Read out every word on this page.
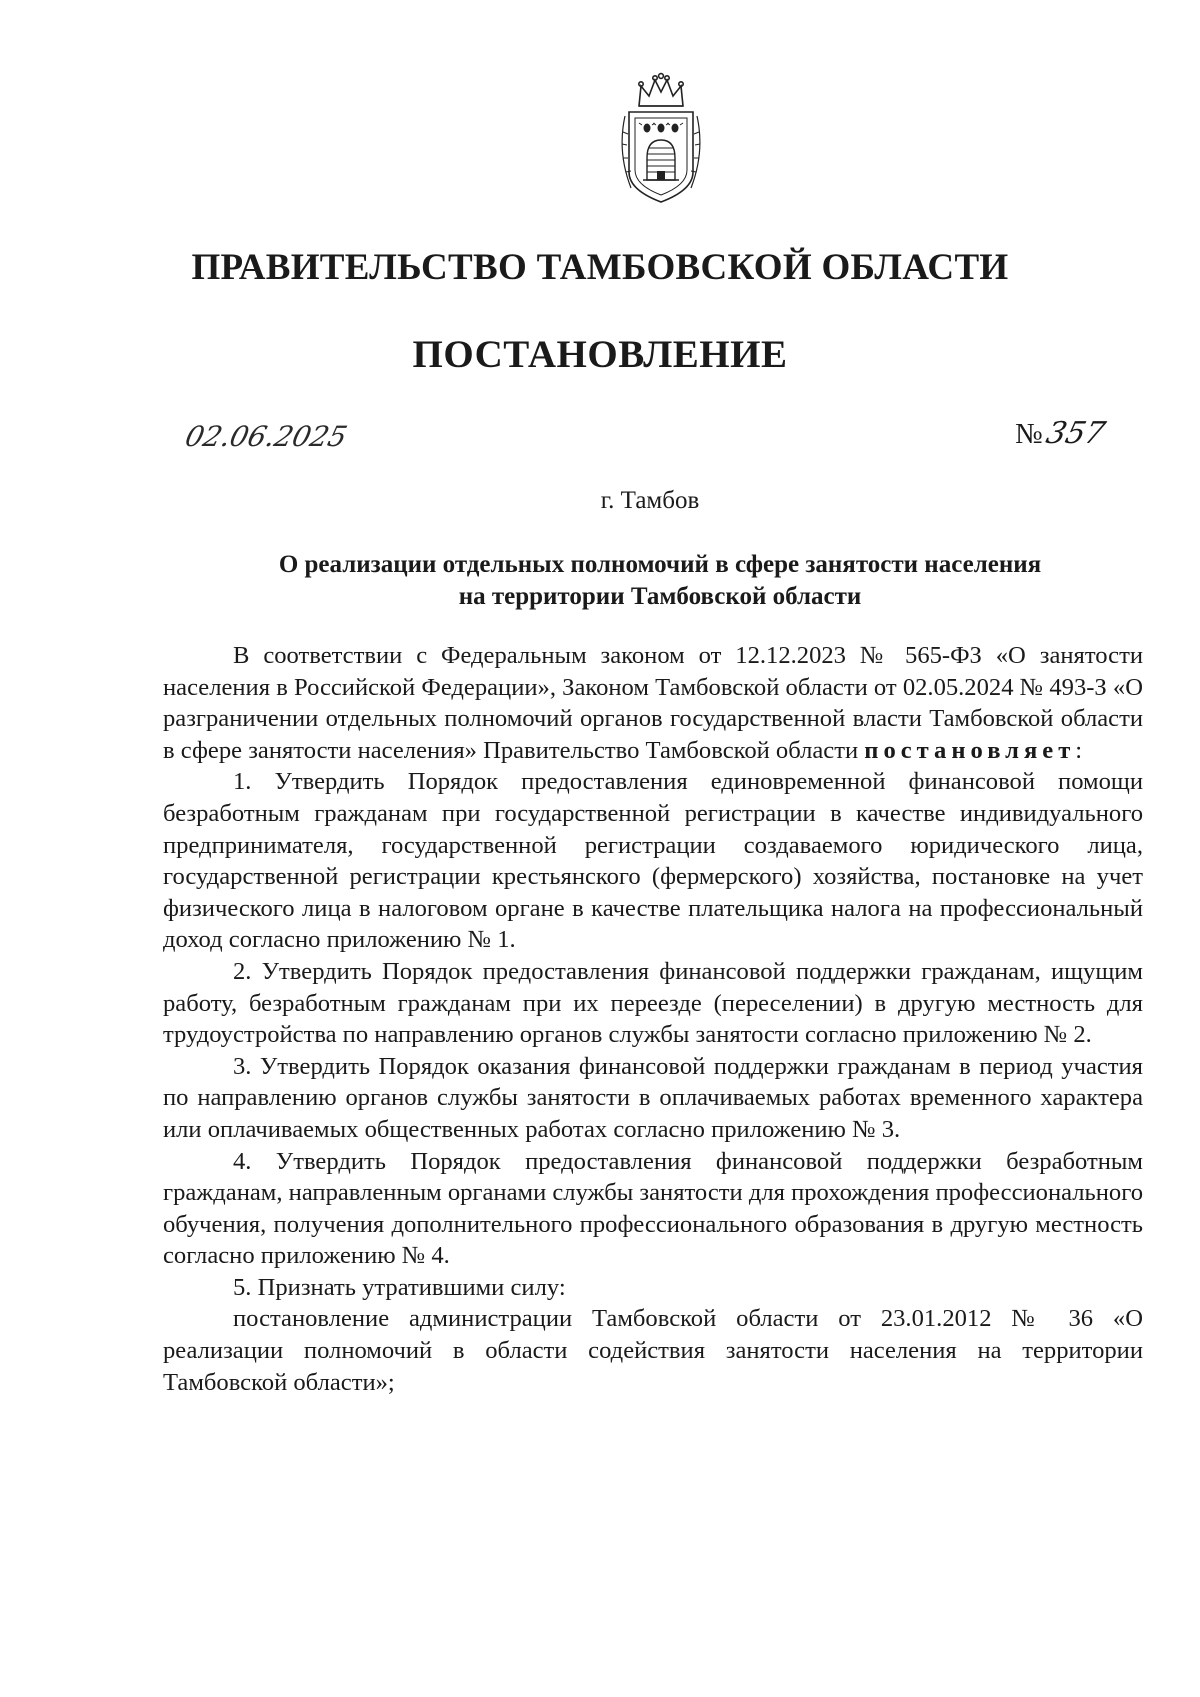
ПРАВИТЕЛЬСТВО ТАМБОВСКОЙ ОБЛАСТИ
ПОСТАНОВЛЕНИЕ
02.06.2025	№357
г. Тамбов
О реализации отдельных полномочий в сфере занятости населения
на территории Тамбовской области

В соответствии с Федеральным законом от 12.12.2023 № 565-ФЗ «О занятости населения в Российской Федерации», Законом Тамбовской области от 02.05.2024 № 493-З «О разграничении отдельных полномочий органов государственной власти Тамбовской области в сфере занятости населения» Правительство Тамбовской области постановляет:

1. Утвердить Порядок предоставления единовременной финансовой помощи безработным гражданам при государственной регистрации в качестве индивидуального предпринимателя, государственной регистрации создаваемого юридического лица, государственной регистрации крестьянского (фермерского) хозяйства, постановке на учет физического лица в налоговом органе в качестве плательщика налога на профессиональный доход согласно приложению № 1.

2. Утвердить Порядок предоставления финансовой поддержки гражданам, ищущим работу, безработным гражданам при их переезде (переселении) в другую местность для трудоустройства по направлению органов службы занятости согласно приложению № 2.

3. Утвердить Порядок оказания финансовой поддержки гражданам в период участия по направлению органов службы занятости в оплачиваемых работах временного характера или оплачиваемых общественных работах согласно приложению № 3.

4. Утвердить Порядок предоставления финансовой поддержки безработным гражданам, направленным органами службы занятости для прохождения профессионального обучения, получения дополнительного профессионального образования в другую местность согласно приложению № 4.

5. Признать утратившими силу:

постановление администрации Тамбовской области от 23.01.2012 № 36 «О реализации полномочий в области содействия занятости населения на территории Тамбовской области»;
